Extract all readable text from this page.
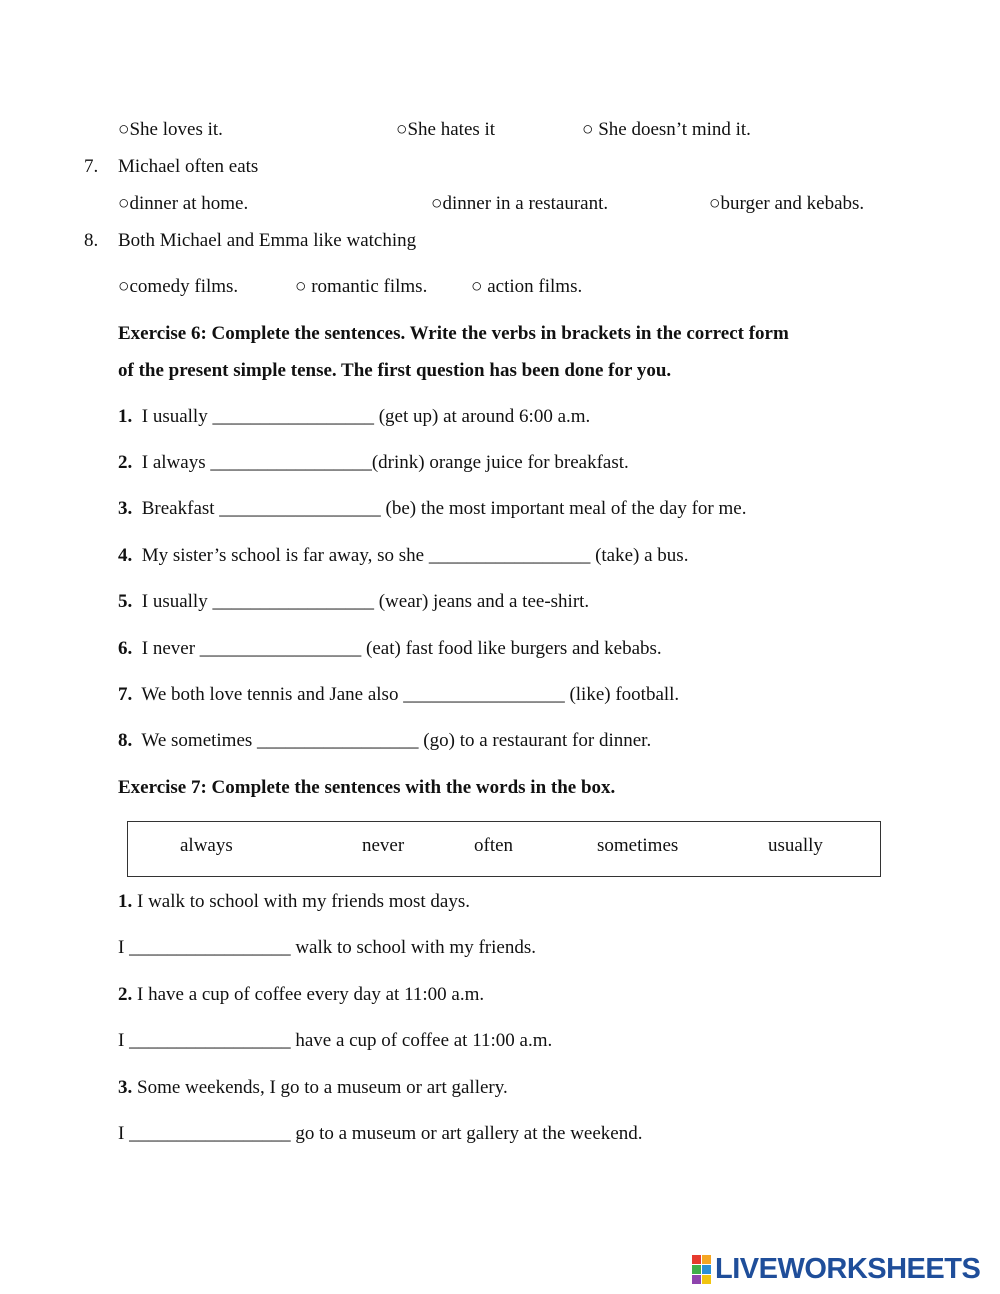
○She loves it.	○She hates it	○ She doesn’t mind it.
7. Michael often eats
○dinner at home.	○dinner in a restaurant.	○burger and kebabs.
8. Both Michael and Emma like watching
○comedy films.	○ romantic films. ○ action films.
Exercise 6: Complete the sentences. Write the verbs in brackets in the correct form
of the present simple tense. The first question has been done for you.
1. I usually _________________ (get up) at around 6:00 a.m.
2. I always _________________(drink) orange juice for breakfast.
3. Breakfast _________________ (be) the most important meal of the day for me.
4. My sister’s school is far away, so she _________________ (take) a bus.
5. I usually _________________ (wear) jeans and a tee-shirt.
6. I never _________________ (eat) fast food like burgers and kebabs.
7. We both love tennis and Jane also _________________ (like) football.
8. We sometimes _________________ (go) to a restaurant for dinner.
Exercise 7: Complete the sentences with the words in the box.
always	never	often	sometimes	usually
1. I walk to school with my friends most days.
I _________________ walk to school with my friends.
2. I have a cup of coffee every day at 11:00 a.m.
I _________________ have a cup of coffee at 11:00 a.m.
3. Some weekends, I go to a museum or art gallery.
I _________________ go to a museum or art gallery at the weekend.
LIVEWORKSHEETS
